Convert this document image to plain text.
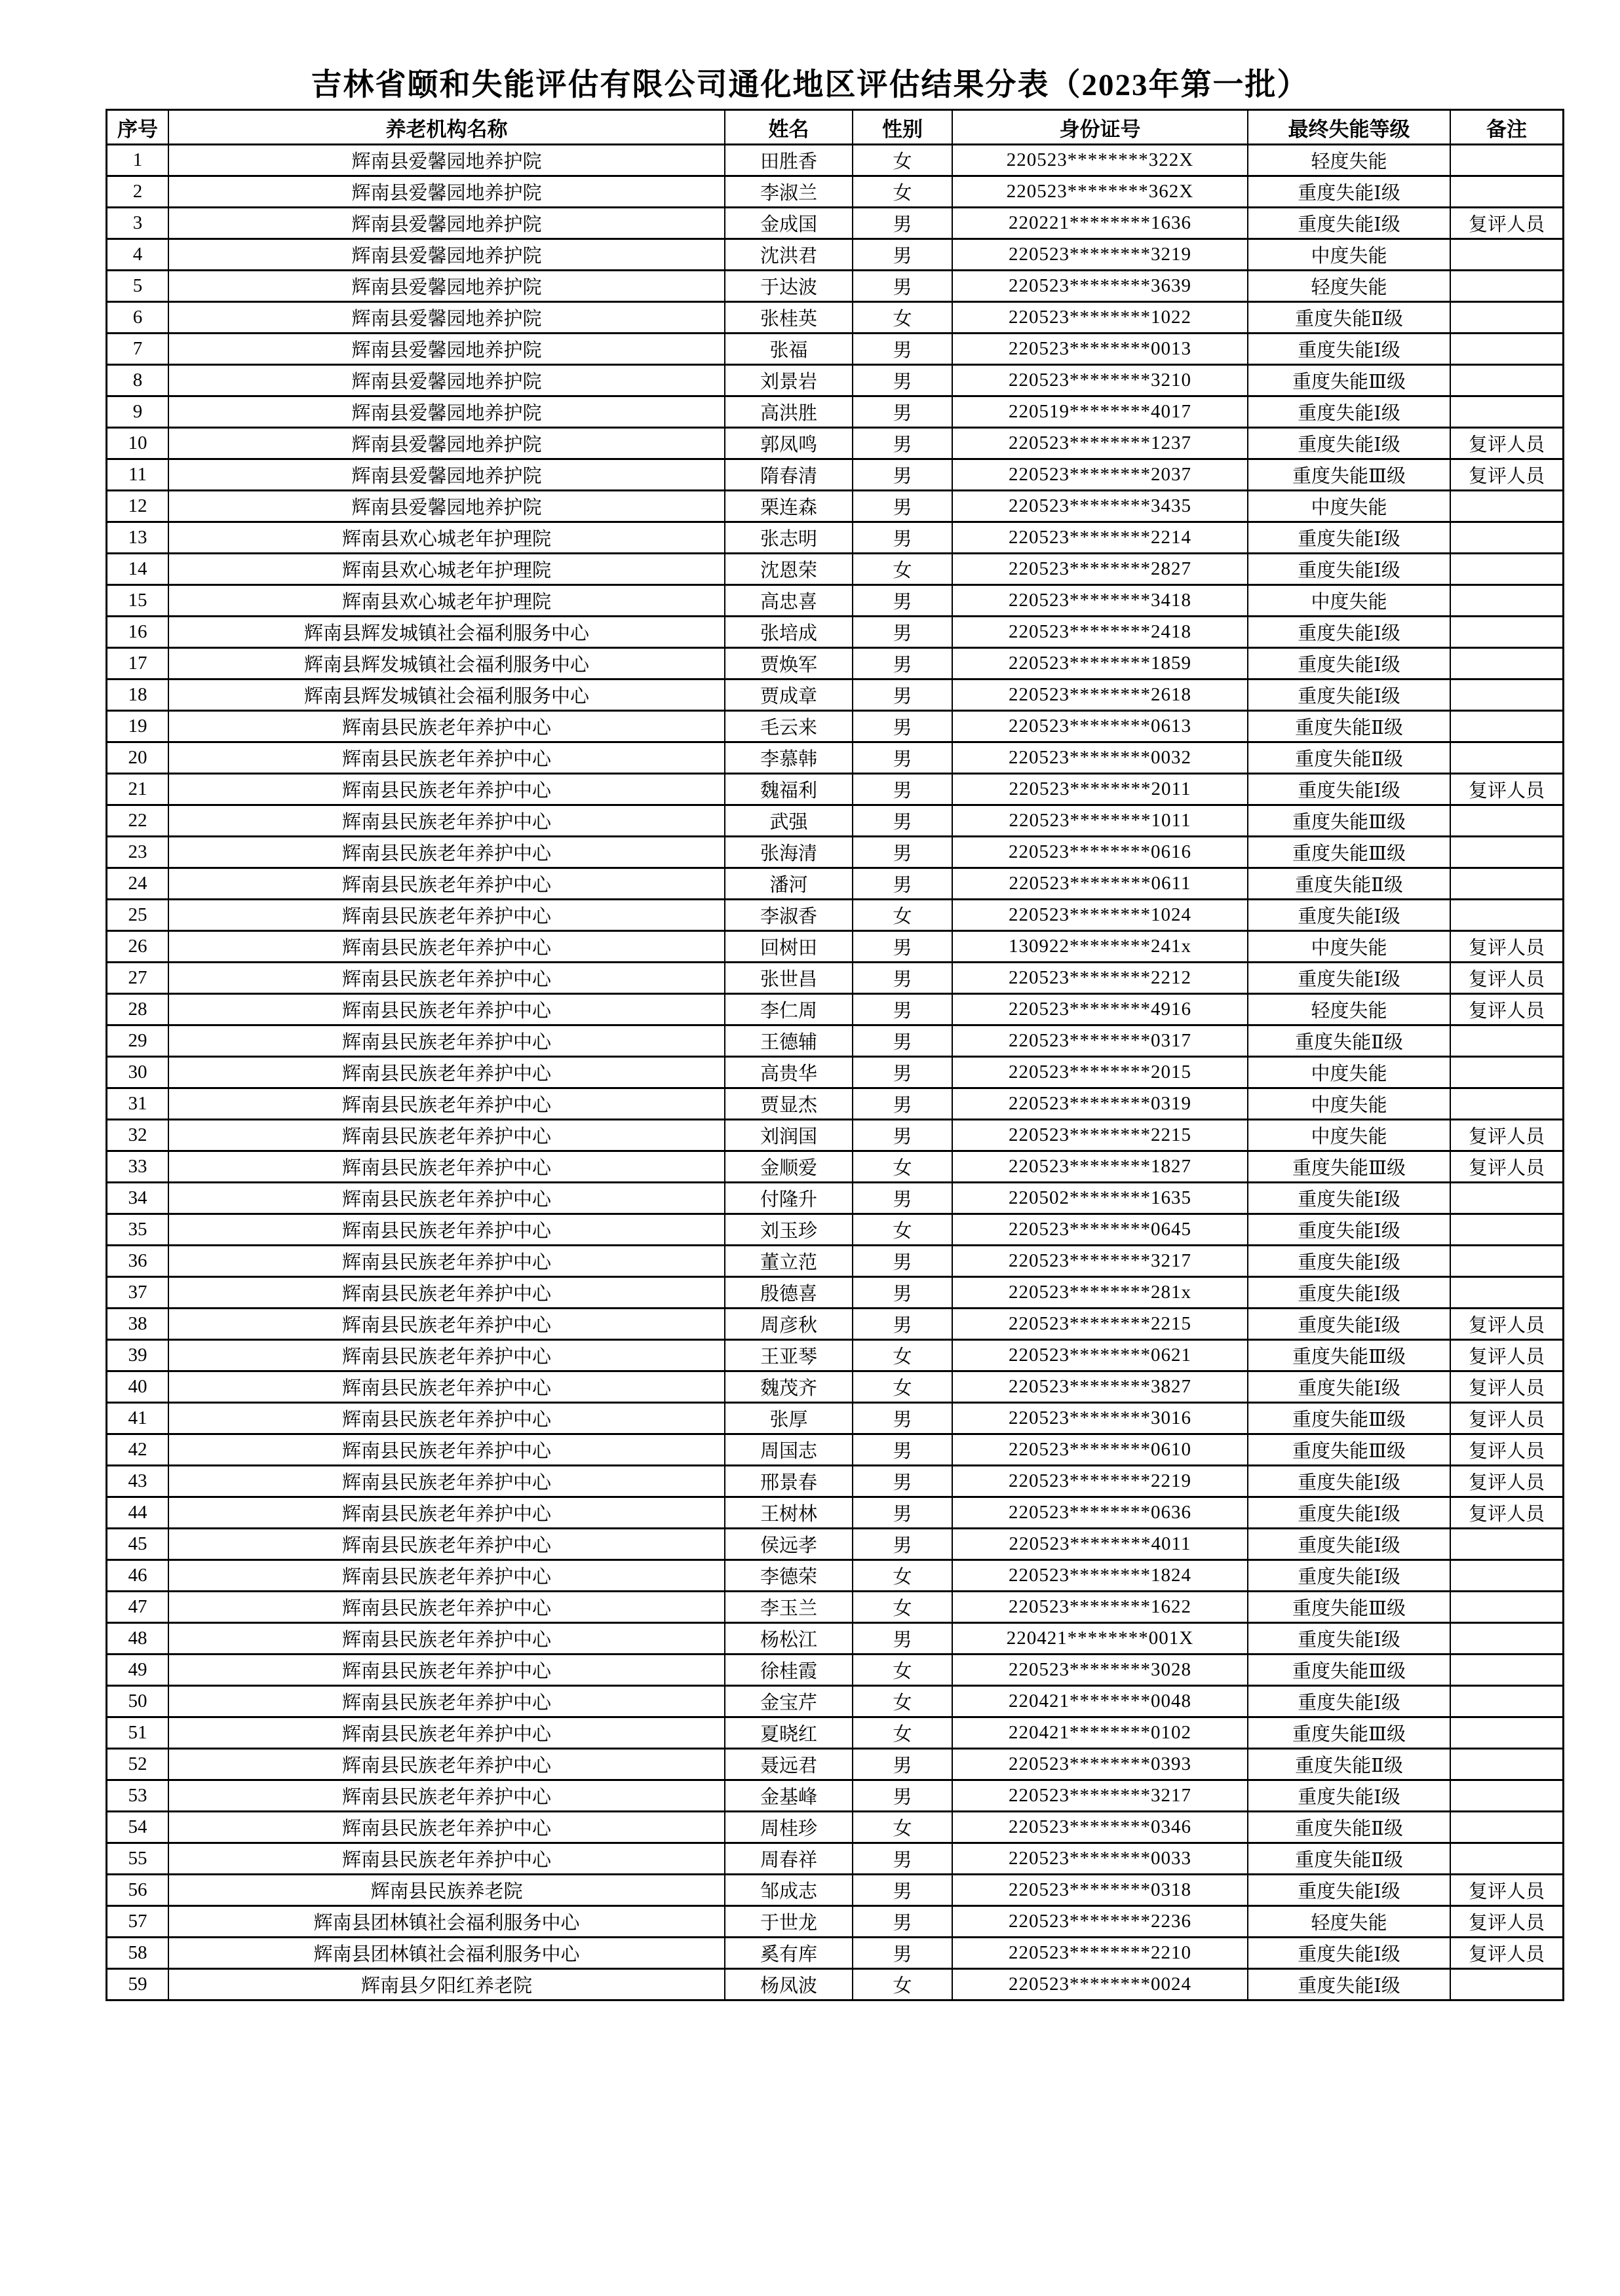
吉林省颐和失能评估有限公司通化地区评估结果分表（2023年第一批）
序号	养老机构名称	姓名	性别	身份证号	最终失能等级	备注
1	辉南县爱馨园地养护院	田胜香	女	220523********322X	轻度失能	
2	辉南县爱馨园地养护院	李淑兰	女	220523********362X	重度失能Ⅰ级	
3	辉南县爱馨园地养护院	金成国	男	220221********1636	重度失能Ⅰ级	复评人员
4	辉南县爱馨园地养护院	沈洪君	男	220523********3219	中度失能	
5	辉南县爱馨园地养护院	于达波	男	220523********3639	轻度失能	
6	辉南县爱馨园地养护院	张桂英	女	220523********1022	重度失能Ⅱ级	
7	辉南县爱馨园地养护院	张福	男	220523********0013	重度失能Ⅰ级	
8	辉南县爱馨园地养护院	刘景岩	男	220523********3210	重度失能Ⅲ级	
9	辉南县爱馨园地养护院	高洪胜	男	220519********4017	重度失能Ⅰ级	
10	辉南县爱馨园地养护院	郭凤鸣	男	220523********1237	重度失能Ⅰ级	复评人员
11	辉南县爱馨园地养护院	隋春清	男	220523********2037	重度失能Ⅲ级	复评人员
12	辉南县爱馨园地养护院	栗连森	男	220523********3435	中度失能	
13	辉南县欢心城老年护理院	张志明	男	220523********2214	重度失能Ⅰ级	
14	辉南县欢心城老年护理院	沈恩荣	女	220523********2827	重度失能Ⅰ级	
15	辉南县欢心城老年护理院	高忠喜	男	220523********3418	中度失能	
16	辉南县辉发城镇社会福利服务中心	张培成	男	220523********2418	重度失能Ⅰ级	
17	辉南县辉发城镇社会福利服务中心	贾焕军	男	220523********1859	重度失能Ⅰ级	
18	辉南县辉发城镇社会福利服务中心	贾成章	男	220523********2618	重度失能Ⅰ级	
19	辉南县民族老年养护中心	毛云来	男	220523********0613	重度失能Ⅱ级	
20	辉南县民族老年养护中心	李慕韩	男	220523********0032	重度失能Ⅱ级	
21	辉南县民族老年养护中心	魏福利	男	220523********2011	重度失能Ⅰ级	复评人员
22	辉南县民族老年养护中心	武强	男	220523********1011	重度失能Ⅲ级	
23	辉南县民族老年养护中心	张海清	男	220523********0616	重度失能Ⅲ级	
24	辉南县民族老年养护中心	潘河	男	220523********0611	重度失能Ⅱ级	
25	辉南县民族老年养护中心	李淑香	女	220523********1024	重度失能Ⅰ级	
26	辉南县民族老年养护中心	回树田	男	130922********241x	中度失能	复评人员
27	辉南县民族老年养护中心	张世昌	男	220523********2212	重度失能Ⅰ级	复评人员
28	辉南县民族老年养护中心	李仁周	男	220523********4916	轻度失能	复评人员
29	辉南县民族老年养护中心	王德辅	男	220523********0317	重度失能Ⅱ级	
30	辉南县民族老年养护中心	高贵华	男	220523********2015	中度失能	
31	辉南县民族老年养护中心	贾显杰	男	220523********0319	中度失能	
32	辉南县民族老年养护中心	刘润国	男	220523********2215	中度失能	复评人员
33	辉南县民族老年养护中心	金顺爱	女	220523********1827	重度失能Ⅲ级	复评人员
34	辉南县民族老年养护中心	付隆升	男	220502********1635	重度失能Ⅰ级	
35	辉南县民族老年养护中心	刘玉珍	女	220523********0645	重度失能Ⅰ级	
36	辉南县民族老年养护中心	董立范	男	220523********3217	重度失能Ⅰ级	
37	辉南县民族老年养护中心	殷德喜	男	220523********281x	重度失能Ⅰ级	
38	辉南县民族老年养护中心	周彦秋	男	220523********2215	重度失能Ⅰ级	复评人员
39	辉南县民族老年养护中心	王亚琴	女	220523********0621	重度失能Ⅲ级	复评人员
40	辉南县民族老年养护中心	魏茂齐	女	220523********3827	重度失能Ⅰ级	复评人员
41	辉南县民族老年养护中心	张厚	男	220523********3016	重度失能Ⅲ级	复评人员
42	辉南县民族老年养护中心	周国志	男	220523********0610	重度失能Ⅲ级	复评人员
43	辉南县民族老年养护中心	邢景春	男	220523********2219	重度失能Ⅰ级	复评人员
44	辉南县民族老年养护中心	王树林	男	220523********0636	重度失能Ⅰ级	复评人员
45	辉南县民族老年养护中心	侯远孝	男	220523********4011	重度失能Ⅰ级	
46	辉南县民族老年养护中心	李德荣	女	220523********1824	重度失能Ⅰ级	
47	辉南县民族老年养护中心	李玉兰	女	220523********1622	重度失能Ⅲ级	
48	辉南县民族老年养护中心	杨松江	男	220421********001X	重度失能Ⅰ级	
49	辉南县民族老年养护中心	徐桂霞	女	220523********3028	重度失能Ⅲ级	
50	辉南县民族老年养护中心	金宝芹	女	220421********0048	重度失能Ⅰ级	
51	辉南县民族老年养护中心	夏晓红	女	220421********0102	重度失能Ⅲ级	
52	辉南县民族老年养护中心	聂远君	男	220523********0393	重度失能Ⅱ级	
53	辉南县民族老年养护中心	金基峰	男	220523********3217	重度失能Ⅰ级	
54	辉南县民族老年养护中心	周桂珍	女	220523********0346	重度失能Ⅱ级	
55	辉南县民族老年养护中心	周春祥	男	220523********0033	重度失能Ⅱ级	
56	辉南县民族养老院	邹成志	男	220523********0318	重度失能Ⅰ级	复评人员
57	辉南县团林镇社会福利服务中心	于世龙	男	220523********2236	轻度失能	复评人员
58	辉南县团林镇社会福利服务中心	奚有库	男	220523********2210	重度失能Ⅰ级	复评人员
59	辉南县夕阳红养老院	杨凤波	女	220523********0024	重度失能Ⅰ级	
